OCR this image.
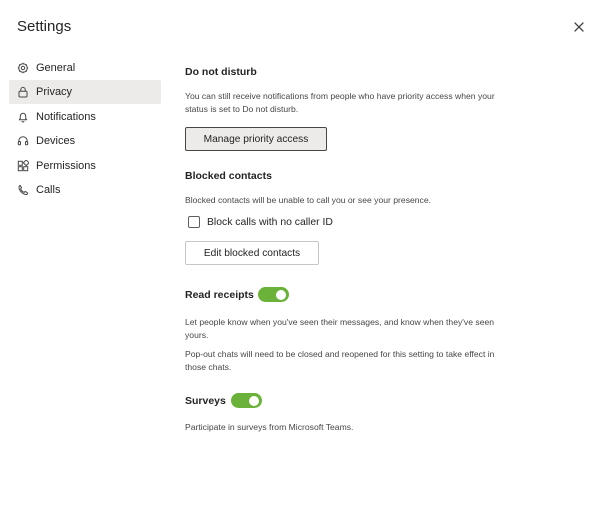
Settings
General
Privacy
Notifications
Devices
Permissions
Calls
Do not disturb
You can still receive notifications from people who have priority access when your status is set to Do not disturb.
Manage priority access
Blocked contacts
Blocked contacts will be unable to call you or see your presence.
Block calls with no caller ID
Edit blocked contacts
Read receipts
Let people know when you've seen their messages, and know when they've seen yours.
Pop-out chats will need to be closed and reopened for this setting to take effect in those chats.
Surveys
Participate in surveys from Microsoft Teams.
